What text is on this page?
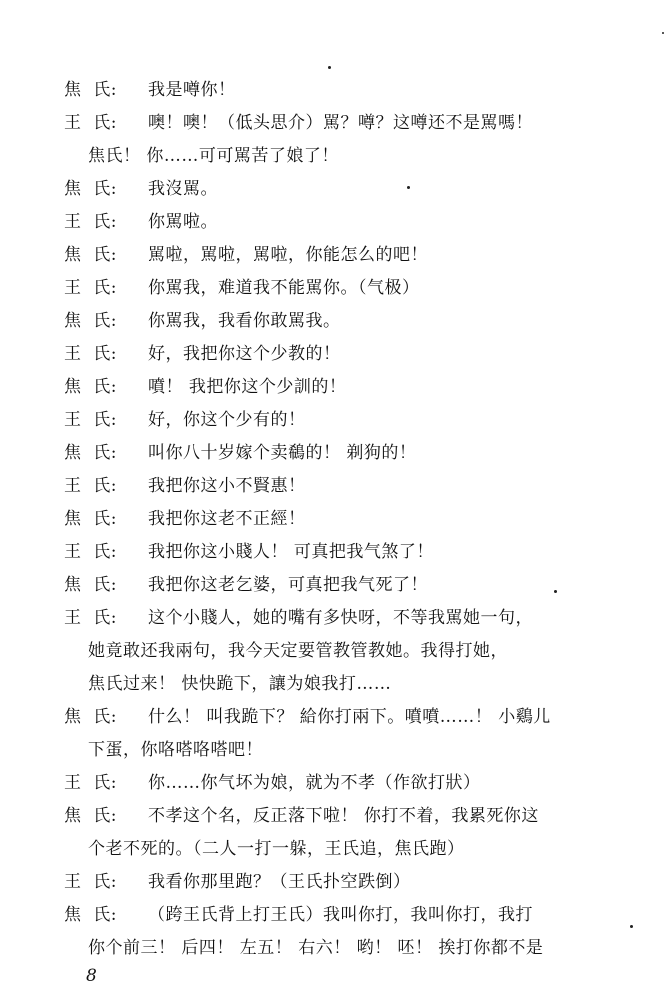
焦  氏:	我是噂你！
王  氏:	噢！噢！（低头思介）駡？噂？这噂还不是駡嗎！
焦氏！ 你……可可駡苦了娘了！
焦  氏:	我沒駡。
王  氏:	你駡啦。
焦  氏:	駡啦，駡啦，駡啦，你能怎么的吧！
王  氏:	你駡我，难道我不能駡你。（气极）
焦  氏:	你駡我，我看你敢駡我。
王  氏:	好，我把你这个少教的！
焦  氏:	噴！ 我把你这个少訓的！
王  氏:	好，你这个少有的！
焦  氏:	叫你八十岁嫁个卖鵗的！ 剃狗的！
王  氏:	我把你这小不賢惠！
焦  氏:	我把你这老不正經！
王  氏:	我把你这小賤人！ 可真把我气煞了！
焦  氏:	我把你这老乞婆，可真把我气死了！
王  氏:	这个小賤人，她的嘴有多快呀，不等我駡她一句，
她竟敢还我兩句，我今天定要管教管教她。我得打她，
焦氏过来！ 快快跪下，讓为娘我打……
焦  氏:	什么！ 叫我跪下？ 給你打兩下。噴噴……！ 小鷄儿
下蛋，你咯嗒咯嗒吧！
王  氏:	你……你气坏为娘，就为不孝（作欲打狀）
焦  氏:	不孝这个名，反正落下啦！ 你打不着，我累死你这
个老不死的。（二人一打一躲，王氏追，焦氏跑）
王  氏:	我看你那里跑？（王氏扑空跌倒）
焦  氏:	（跨王氏背上打王氏）我叫你打，我叫你打，我打
你个前三！ 后四！ 左五！ 右六！ 哟！ 呸！ 挨打你都不是
8
